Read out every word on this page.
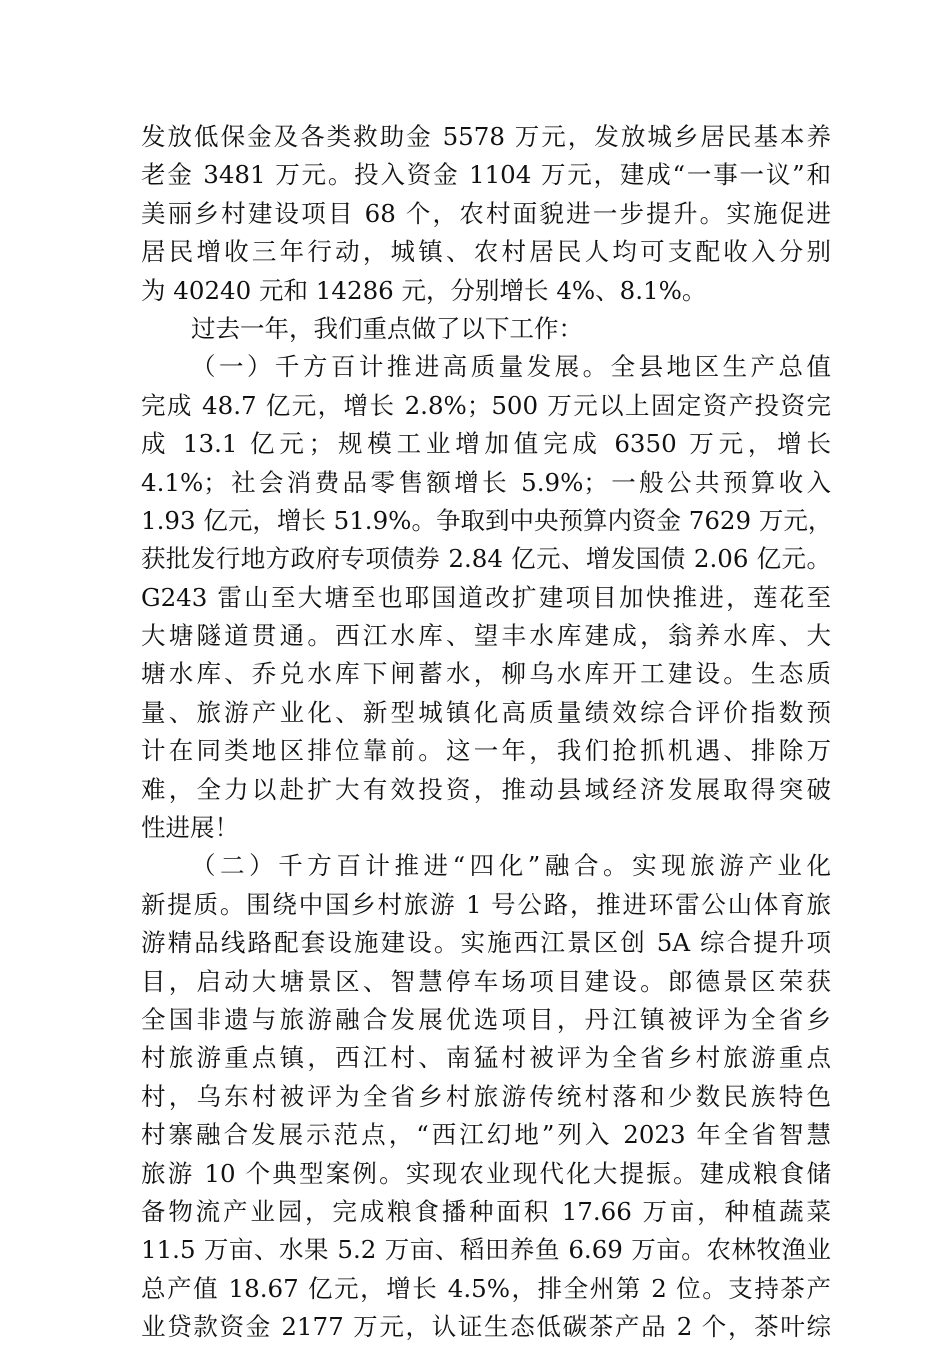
发放低保金及各类救助金 5578 万元，发放城乡居民基本养
老金 3481 万元。投入资金 1104 万元，建成“一事一议”和
美丽乡村建设项目 68 个，农村面貌进一步提升。实施促进
居民增收三年行动，城镇、农村居民人均可支配收入分别
为 40240 元和 14286 元，分别增长 4%、8.1%。
过去一年，我们重点做了以下工作：
（一）千方百计推进高质量发展。全县地区生产总值
完成 48.7 亿元，增长 2.8%；500 万元以上固定资产投资完
成 13.1 亿元；规模工业增加值完成 6350 万元，增长
4.1%；社会消费品零售额增长 5.9%；一般公共预算收入
1.93 亿元，增长 51.9%。争取到中央预算内资金 7629 万元，
获批发行地方政府专项债券 2.84 亿元、增发国债 2.06 亿元。
G243 雷山至大塘至也耶国道改扩建项目加快推进，莲花至
大塘隧道贯通。西江水库、望丰水库建成，翁养水库、大
塘水库、乔兑水库下闸蓄水，柳乌水库开工建设。生态质
量、旅游产业化、新型城镇化高质量绩效综合评价指数预
计在同类地区排位靠前。这一年，我们抢抓机遇、排除万
难，全力以赴扩大有效投资，推动县域经济发展取得突破
性进展！
（二）千方百计推进“四化”融合。实现旅游产业化
新提质。围绕中国乡村旅游 1 号公路，推进环雷公山体育旅
游精品线路配套设施建设。实施西江景区创 5A 综合提升项
目，启动大塘景区、智慧停车场项目建设。郎德景区荣获
全国非遗与旅游融合发展优选项目，丹江镇被评为全省乡
村旅游重点镇，西江村、南猛村被评为全省乡村旅游重点
村，乌东村被评为全省乡村旅游传统村落和少数民族特色
村寨融合发展示范点，“西江幻地”列入 2023 年全省智慧
旅游 10 个典型案例。实现农业现代化大提振。建成粮食储
备物流产业园，完成粮食播种面积 17.66 万亩，种植蔬菜
11.5 万亩、水果 5.2 万亩、稻田养鱼 6.69 万亩。农林牧渔业
总产值 18.67 亿元，增长 4.5%，排全州第 2 位。支持茶产
业贷款资金 2177 万元，认证生态低碳茶产品 2 个，茶叶综
